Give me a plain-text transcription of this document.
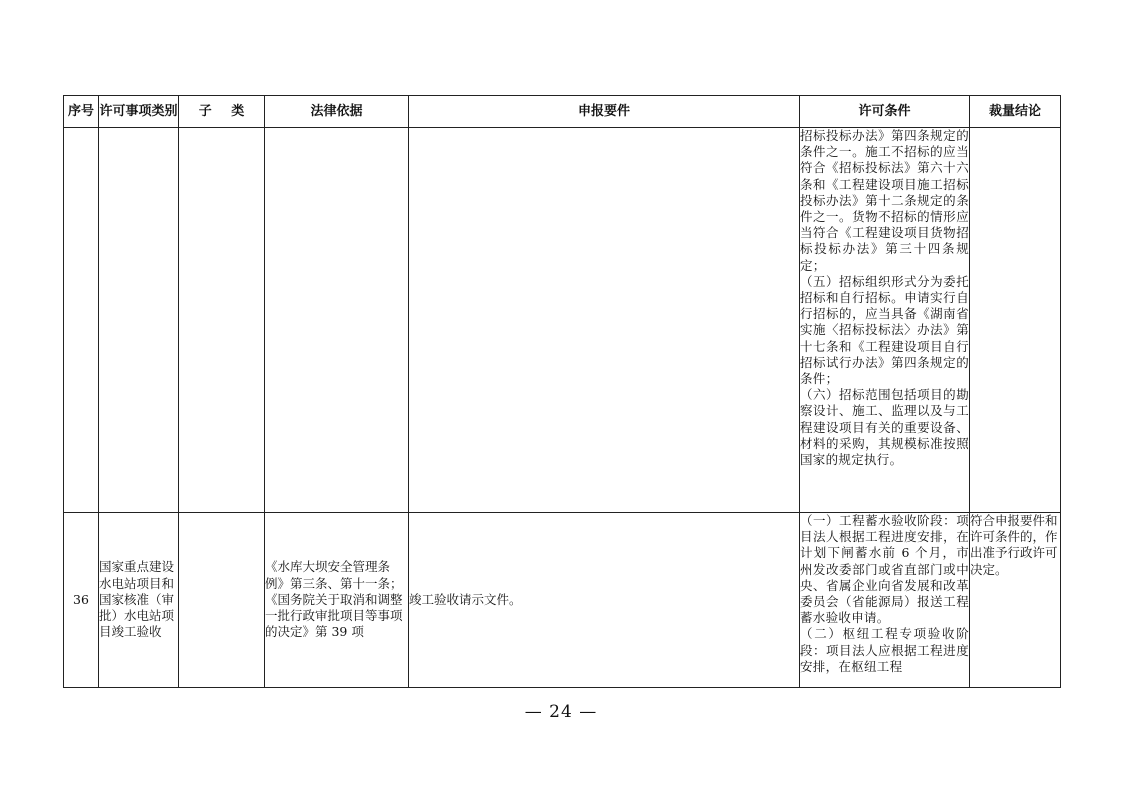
序号	许可事项类别	子 类	法律依据	申报要件	许可条件	裁量结论

					招标投标办法》第四条规定的条件之一。施工不招标的应当符合《招标投标法》第六十六条和《工程建设项目施工招标投标办法》第十二条规定的条件之一。货物不招标的情形应当符合《工程建设项目货物招标投标办法》第三十四条规定；

（五）招标组织形式分为委托招标和自行招标。申请实行自行招标的，应当具备《湖南省实施〈招标投标法〉办法》第十七条和《工程建设项目自行招标试行办法》第四条规定的条件；

（六）招标范围包括项目的勘察设计、施工、监理以及与工程建设项目有关的重要设备、材料的采购，其规模标准按照国家的规定执行。	

36	国家重点建设水电站项目和国家核准（审批）水电站项目竣工验收		《水库大坝安全管理条例》第三条、第十一条；《国务院关于取消和调整一批行政审批项目等事项的决定》第 39 项	竣工验收请示文件。	（一）工程蓄水验收阶段：项目法人根据工程进度安排，在计划下闸蓄水前 6 个月，市州发改委部门或省直部门或中央、省属企业向省发展和改革委员会（省能源局）报送工程蓄水验收申请。

（二）枢纽工程专项验收阶段：项目法人应根据工程进度安排，在枢纽工程	符合申报要件和许可条件的，作出准予行政许可决定。
— 24 —
